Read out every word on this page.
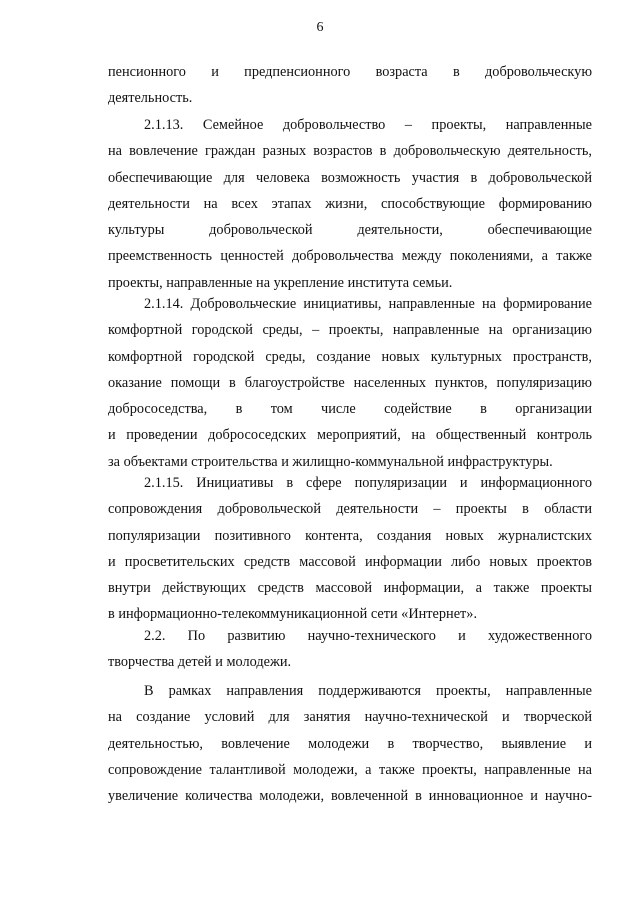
6
пенсионного и предпенсионного возраста в добровольческую
деятельность.
2.1.13. Семейное добровольчество – проекты, направленные
на вовлечение граждан разных возрастов в добровольческую деятельность,
обеспечивающие для человека возможность участия в добровольческой
деятельности на всех этапах жизни, способствующие формированию
культуры добровольческой деятельности, обеспечивающие
преемственность ценностей добровольчества между поколениями, а также
проекты, направленные на укрепление института семьи.
2.1.14. Добровольческие инициативы, направленные на формирование
комфортной городской среды, – проекты, направленные на организацию
комфортной городской среды, создание новых культурных пространств,
оказание помощи в благоустройстве населенных пунктов, популяризацию
добрососедства, в том числе содействие в организации
и проведении добрососедских мероприятий, на общественный контроль
за объектами строительства и жилищно-коммунальной инфраструктуры.
2.1.15. Инициативы в сфере популяризации и информационного
сопровождения добровольческой деятельности – проекты в области
популяризации позитивного контента, создания новых журналистских
и просветительских средств массовой информации либо новых проектов
внутри действующих средств массовой информации, а также проекты
в информационно-телекоммуникационной сети «Интернет».
2.2. По развитию научно-технического и художественного
творчества детей и молодежи.
В рамках направления поддерживаются проекты, направленные
на создание условий для занятия научно-технической и творческой
деятельностью, вовлечение молодежи в творчество, выявление и
сопровождение талантливой молодежи, а также проекты, направленные на
увеличение количества молодежи, вовлеченной в инновационное и научно-
